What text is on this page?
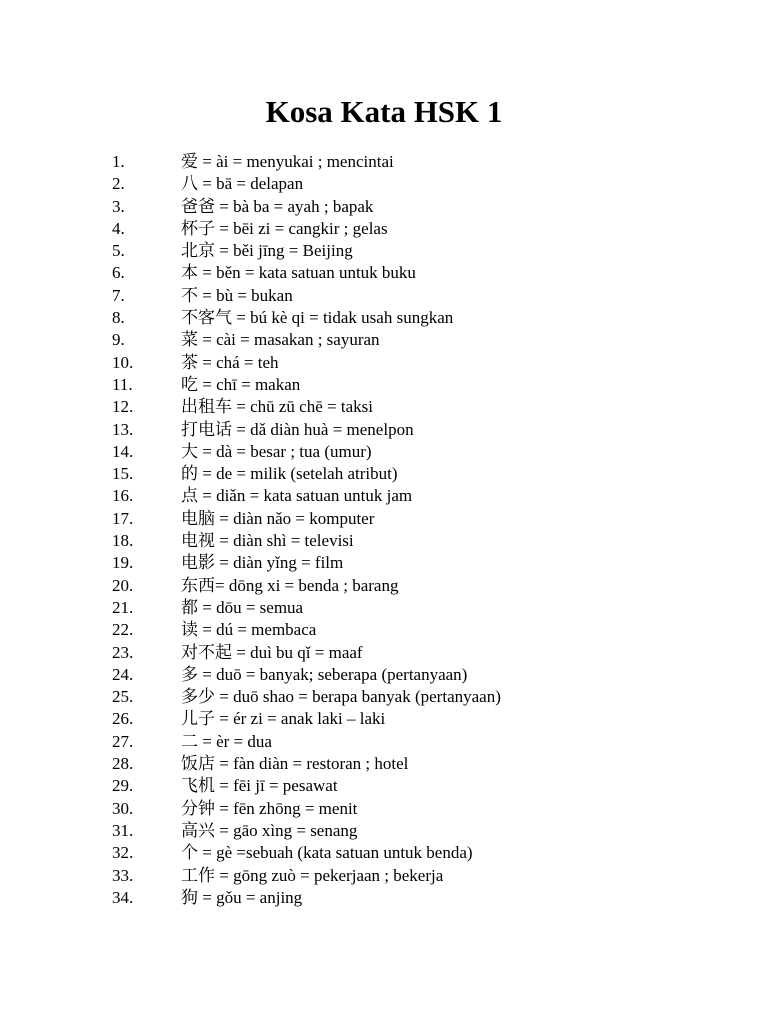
Kosa Kata HSK 1
1.	爱 = ài = menyukai ; mencintai
2.	八 = bā = delapan
3.	爸爸 = bà ba = ayah ; bapak
4.	杯子 = bēi zi = cangkir ; gelas
5.	北京 = běi jīng = Beijing
6.	本 = běn = kata satuan untuk buku
7.	不 = bù = bukan
8.	不客气 = bú kè qi = tidak usah sungkan
9.	菜 = cài = masakan ; sayuran
10.	茶 = chá = teh
11.	吃 = chī = makan
12.	出租车 = chū zū chē = taksi
13.	打电话 = dǎ diàn huà = menelpon
14.	大 = dà = besar ; tua (umur)
15.	的 = de = milik (setelah atribut)
16.	点 = diǎn = kata satuan untuk jam
17.	电脑 = diàn nǎo = komputer
18.	电视 = diàn shì = televisi
19.	电影 = diàn yǐng = film
20.	东西= dōng xi = benda ; barang
21.	都 = dōu = semua
22.	读 = dú = membaca
23.	对不起 = duì bu qǐ = maaf
24.	多 = duō = banyak; seberapa (pertanyaan)
25.	多少 = duō shao = berapa banyak (pertanyaan)
26.	儿子 = ér zi = anak laki – laki
27.	二 = èr = dua
28.	饭店 = fàn diàn = restoran ; hotel
29.	飞机 = fēi jī = pesawat
30.	分钟 = fēn zhōng = menit
31.	高兴 = gāo xìng = senang
32.	个 = gè =sebuah (kata satuan untuk benda)
33.	工作 = gōng zuò = pekerjaan ; bekerja
34.	狗 = gǒu = anjing
